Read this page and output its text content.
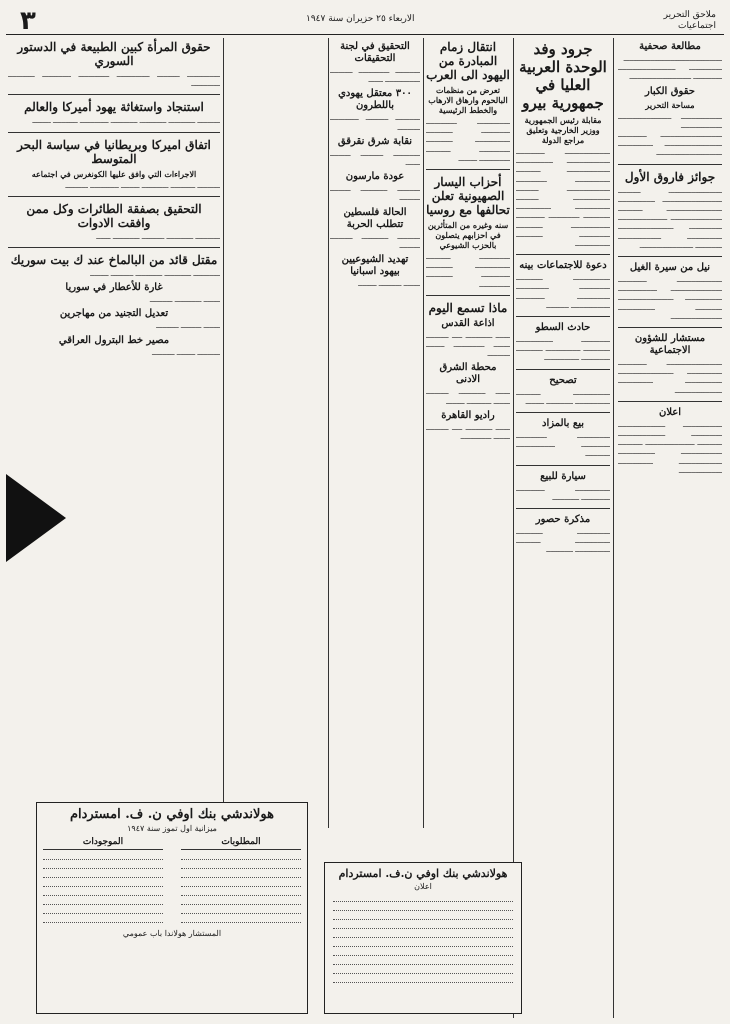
٣	الاربعاء ٢٥ حزيران سنة ١٩٤٧	ملاحق التحرير
اجتماعيات
مطالعة صحفية

ــــــــــــــــــــــــــــــــــــــــــــــــ ــــــــــــــــ ــــــــــــــــــــــــــــ ــــــــــــــ ــــــــــــــــــــــــــــــ

حقوق الكبار

مساحة التحرير

ــــــــــــــــــــ ــــــــــــــــــــــــــ ــــــــــــــــــــ ــــــــــــــــــــــــــــــ ــــــــــــــ ــــــــــــــــــــــــــــ ـــــــــــــــــ ــــــــــــــــــــــــــــــــ

جوائز فاروق الأول

ــــــــــــــــــــــــــ ـــــــــــ ـــــــــــــــــــــــــــــ ــــــــــــــــــ ـــــــــــــــــــــــــــ ــــــــــــ ـــــــــــــــــــــــــ ــــــــــــــــــــــــ ــــــــــــــــ ـــــــــــــــــــــــــــ ـــــــــــــــــ ـــــــــــــــــــــ ـــــــــــــ ــــــــــــــــــــــــــ

نيل من سيرة الغيل

ــــــــــــــــــــــ ــــــــــــــ ـــــــــــــــــــــــــ ـــــــــــــــــــ ــــــــــــــــــ ـــــــــــــــــــــــــــ ـــــــــــــ ــــــــــــــــــ ـــــــــــــــــــــــــ

مستشار للشؤون الاجتماعية

ـــــــــــــــــــــــــــ ــــــــــــــ ـــــــــــــــــ ـــــــــــــــــــــــــــ ــــــــــــــــــ ـــــــــــــــــ ـــــــــــــــــــــــ

اعلان

ـــــــــــــــــــ ـــــــــــــــــــــــ ـــــــــــــــ ـــــــــــــــــــــــ ــــــــــــ ــــــــــــــــــــــــ ــــــــــــ ــــــــــــــــــــ ــــــــــــــــــ ـــــــــــــــــــــ ـــــــــــــــــ ـــــــــــــــــــــ

جرود وفد الوحدة العربية العليا في جمهورية بيرو

مقابلة رئيس الجمهورية ووزير الخارجية وتعليق مراجع الدولة

ــــــــــــــــــــــ ــــــــــــــ ـــــــــــــــــــــ ــــــــــــــــــ ـــــــــــــــــــــ ــــــــــــ ـــــــــــــــــ ـــــــــــــــ ـــــــــــــــــــــ ـــــــــــ ــــــــــــــــــ ـــــــــــ ـــــــــــــــــ ـــــــــــــــــ ـــــــــــــ ـــــــــــــــ ــــــــــــــ ـــــــــــــــــــ ـــــــــــــ ـــــــــــــــ ـــــــــــــ ـــــــــــــــــ

دعوة للاجتماعات بينه

ــــــــــــــــــ ـــــــــــــ ـــــــــــــــ ــــــــــــــــ ــــــــــــــــ ــــــــــــــ ـــــــــــــــــــ ـــــــــــ

حادث السطو

ــــــــــــــ ــــــــــــــــــ ـــــــــــــ ـــــــــــــــــ ـــــــــــــ ــــــــــــــ ـــــــــــــــــ

تصحيح

ــــــــــــــــــ ــــــــــــ ـــــــــــــــــ ـــــــــــــ ـــــــــ

بيع بالمزاد

ــــــــــــــــ ـــــــــــــــ ــــــــــــــ ـــــــــــــــــــ ــــــــــــ

سيارة للبيع

ـــــــــــــــــ ــــــــــــــ ــــــــــــــ ـــــــــــــ

مذكرة حصور

ــــــــــــــــ ـــــــــــــ ـــــــــــــــــ ــــــــــــ ـــــــــــــــــ ـــــــــــــ

انتقال زمام المبادرة من اليهود الى العرب

تعرض من منظمات البالحوم وارهاق الارهاب والخطط الرئيسية

ــــــــــــــــ ـــــــــــــــ ــــــــــــــ ـــــــــــــ ـــــــــــــــــ ـــــــــــــ ـــــــــــــــ ــــــــــــ ـــــــــــــــ ـــــــــ

أحزاب اليسار الصهيونية تعلن تحالفها مع روسيا

سنه وغيره من المتأثرين في احزابهم يتصلون بالحزب الشيوعي

ـــــــــــــــ ــــــــــــ ـــــــــــــــــ ـــــــــــــ ــــــــــــــ ـــــــــــــ ـــــــــــــــ

ماذا تسمع اليوم
اذاعة القدس

ـــــــ ـــــــــــــ ـــــ ـــــــــــ ــــــــ ـــــــــــــــ ـــــــــ ـــــــــــ

محطة الشرق الادنى

ـــــــ ـــــــــــــ ـــــــــــ ــــــــ ــــــــــــ ـــــــــ

راديو القاهرة

ـــــــ ـــــــــــــ ـــــ ـــــــــــ ــــــــ ـــــــــــــــ

التحقيق في لجنة التحقيقات

ــــــــــــ ـــــــــــــــ ـــــــــــ ـــــــــــــــــ ـــــــ

٣٠٠ معتقل يهودي باللطرون

ــــــــــــ ـــــــــــ ــــــــــــــ ـــــــــــ

نقابة شرق نقرقق

ـــــــــــــ ـــــــــــ ــــــــــ ـــــــ

عودة مارسون

ـــــــــــ ـــــــــــــ ــــــــــ ــــــــــ

الحالة فلسطين تتطلب الحربة

ـــــــــــ ـــــــــــــ ـــــــــــ ــــــــــ

تهديد الشيوعيين بيهود اسبانيا

ــــــــ ـــــــــــ ـــــــــ

حقوق المرأة كبين الطبيعة في الدستور السوري

ــــــــــــــــ ـــــــــــ ــــــــــــــــ ـــــــــــــــ ــــــــــــــ ـــــــــــــ ــــــــــــــ

استنجاد واستغاثة يهود أميركا والعالم

ـــــــــــ ـــــــــــــ ـــــــــــــ ـــــــــــــ ــــــــــــــ ــــــــــــ ـــــــــ

اتفاق اميركا وبريطانيا في سياسة البحر المتوسط

الاجراءات التي وافق عليها الكونغرس في اجتماعه

ـــــــــــ ــــــــــــ ـــــــــــــ ـــــــــ ــــــــــــــ ـــــــــــ

التحقيق بصفقة الطائرات وكل ممن وافقت الادوات

ــــــــــــ ـــــــــــــ ـــــــــــ ـــــــــــــ ـــــــ

مقتل قائد من البالماخ عند ك بيت سوريك

ـــــــــــــ ـــــــــــــ ـــــــــــــ ـــــــــــ ـــــــــ

غارة للأعطار في سوريا

ــــــــ ـــــــــــــ ـــــــــــ

تعديل التجنيد من مهاجرين

ــــــــ ــــــــــ ـــــــــــ

مصير خط البترول العراقي

ـــــــــــ ـــــــــ ـــــــــــ

هولاندشي بنك اوفي ن. ف. امستردام
ميزانية اول تموز سنة ١٩٤٧
المطلوبات
الموجودات
المستشار هولاندا باب عمومي
هولاندشي بنك اوفي ن.ف. امستردام
اعلان
